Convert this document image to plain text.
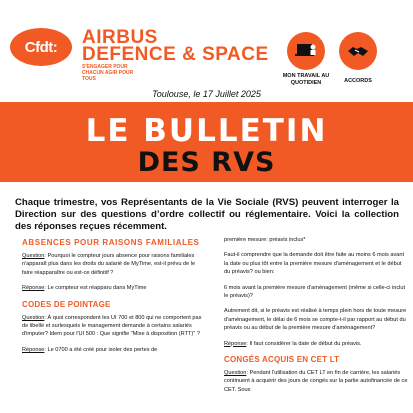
Cfdt: AIRBUS
DEFENCE & SPACE
S'ENGAGER POUR CHACUN AGIR POUR TOUS	MON TRAVAIL AU QUOTIDIEN	ACCORDS
Toulouse, le 17 Juillet 2025
LE BULLETIN
DES RVS
Chaque trimestre, vos Représentants de la Vie Sociale (RVS) peuvent interroger la Direction sur des questions d’ordre collectif ou réglementaire. Voici la collection des réponses reçues récemment.
ABSENCES POUR RAISONS FAMILIALES

Question: Pourquoi le compteur jours absence pour raisons familiales n'apparaît plus dans les droits du salarié de MyTime, est-il prévu de le faire réapparaître ou est-ce définitif ?

Réponse: Le compteur est réapparu dans MyTime

CODES DE POINTAGE

Question: À quoi correspondent les UI 700 et 800 qui ne comportent pas de libellé et surlesquels le management demande à certains salariés d'imputer? Idem pour l'UI 500 : Que signifie "Mise à disposition (RTT)" ?

Réponse: Le 0700 a été créé pour isoler des pertes de

première mesure: préavis inclus*

Faut-il comprendre que la demande doit être faite au moins 6 mois avant la date ou plus tôt entre la première mesure d'aménagement et le début du préavis? ou bien:

6 mois avant la première mesure d'aménagement (même si celle-ci inclut le préavis)?

Autrement dit, si le préavis est réalisé à temps plein hors de toute mesure d'aménagement, le délai de 6 mois se compte-t-il par rapport au début du préavis ou au début de la première mesure d'aménagement?

Réponse: Il faut considérer la date de début du préavis.

CONGÉS ACQUIS EN CET LT

Question: Pendant l'utilisation du CET LT en fin de carrière, les salariés continuent à acquérir des jours de congés sur la partie autofinancée de ce CET. Sous
